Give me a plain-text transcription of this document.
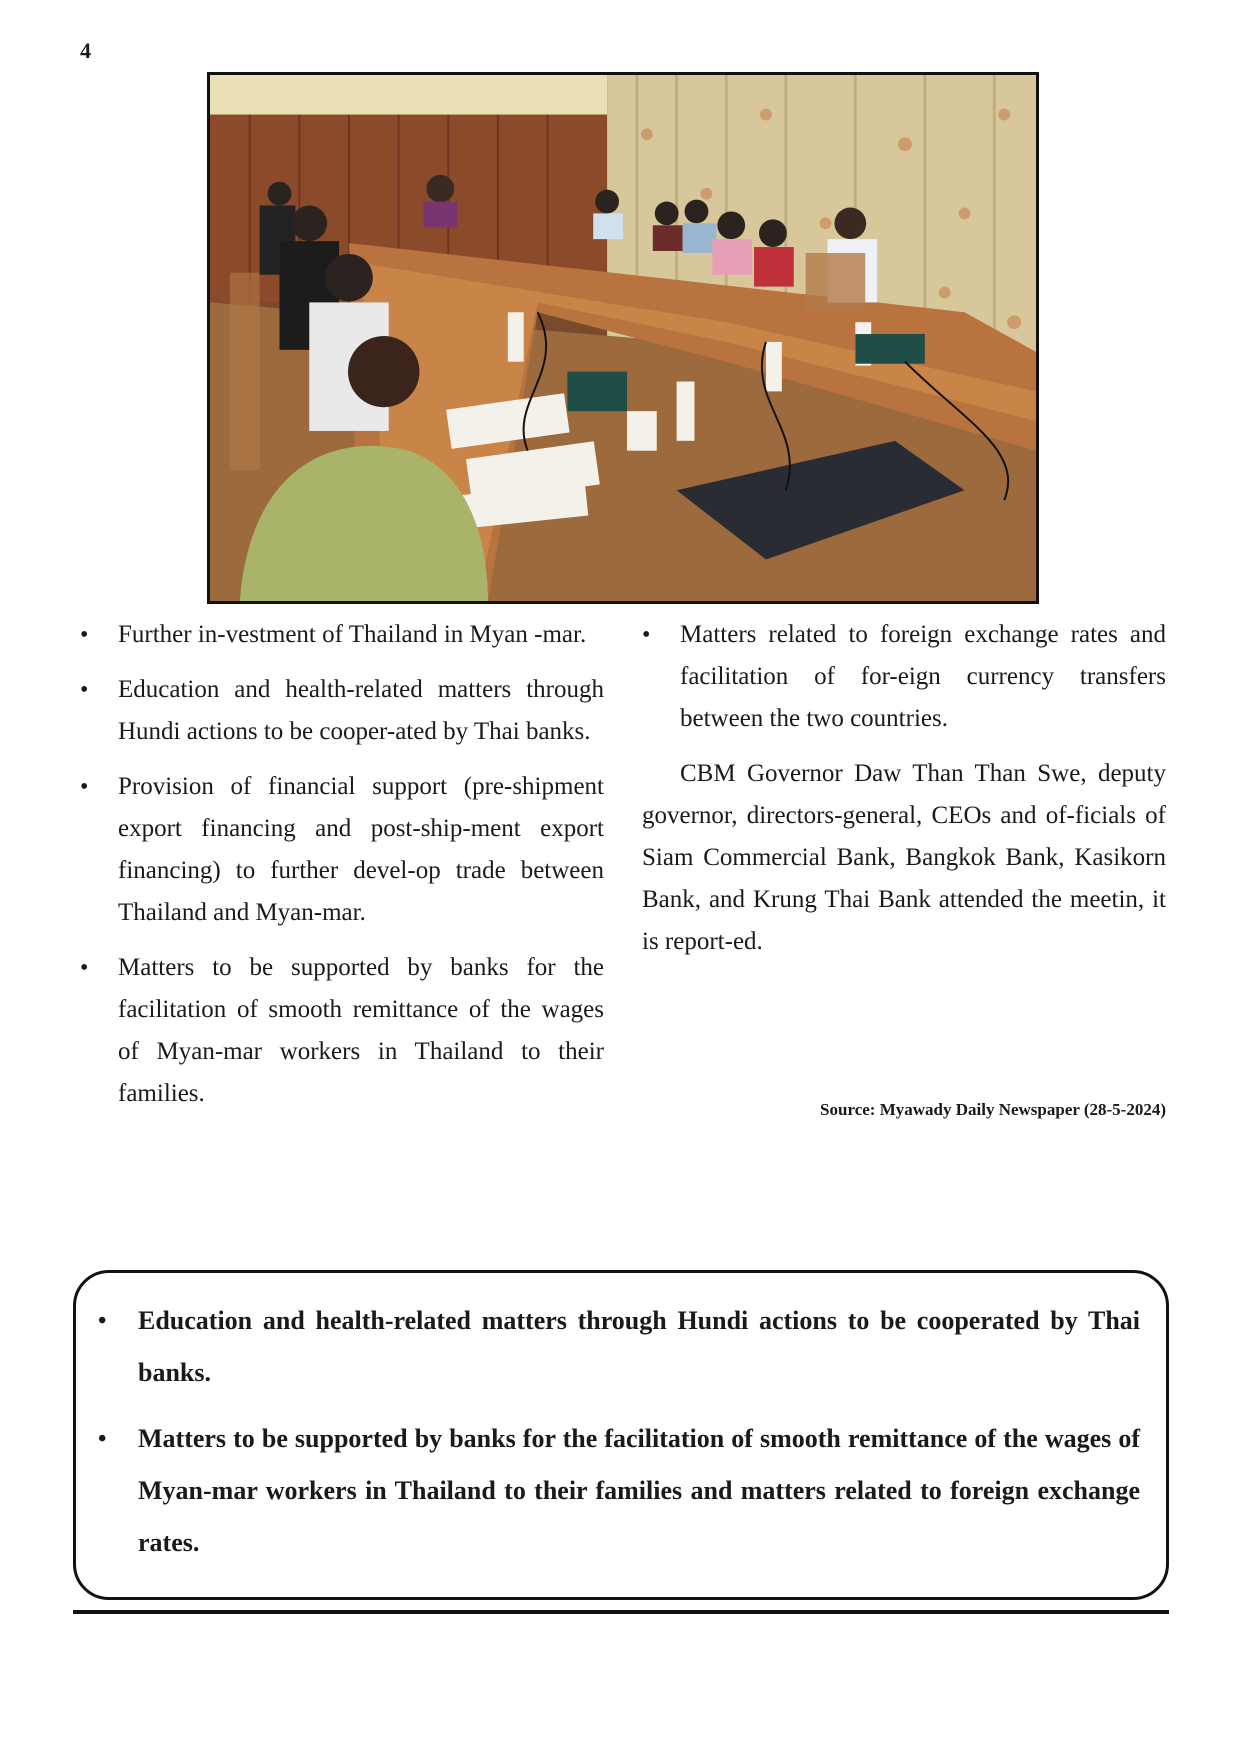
4
• Further in-vestment of Thailand in Myan -mar.
• Education and health-related matters through Hundi actions to be cooper-ated by Thai banks.
• Provision of financial support (pre-shipment export financing and post-ship-ment export financing) to further devel-op trade between Thailand and Myan-mar.
• Matters to be supported by banks for the facilitation of smooth remittance of the wages of Myan-mar workers in Thailand to their families.
• Matters related to foreign exchange rates and facilitation of for-eign currency transfers between the two countries.

CBM Governor Daw Than Than Swe, deputy governor, directors-general, CEOs and of-ficials of Siam Commercial Bank, Bangkok Bank, Kasikorn Bank, and Krung Thai Bank attended the meetin, it is report-ed.

Source: Myawady Daily Newspaper (28-5-2024)
• Education and health-related matters through Hundi actions to be cooperated by Thai banks.
• Matters to be supported by banks for the facilitation of smooth remittance of the wages of Myan-mar workers in Thailand to their families and matters related to foreign exchange rates.
